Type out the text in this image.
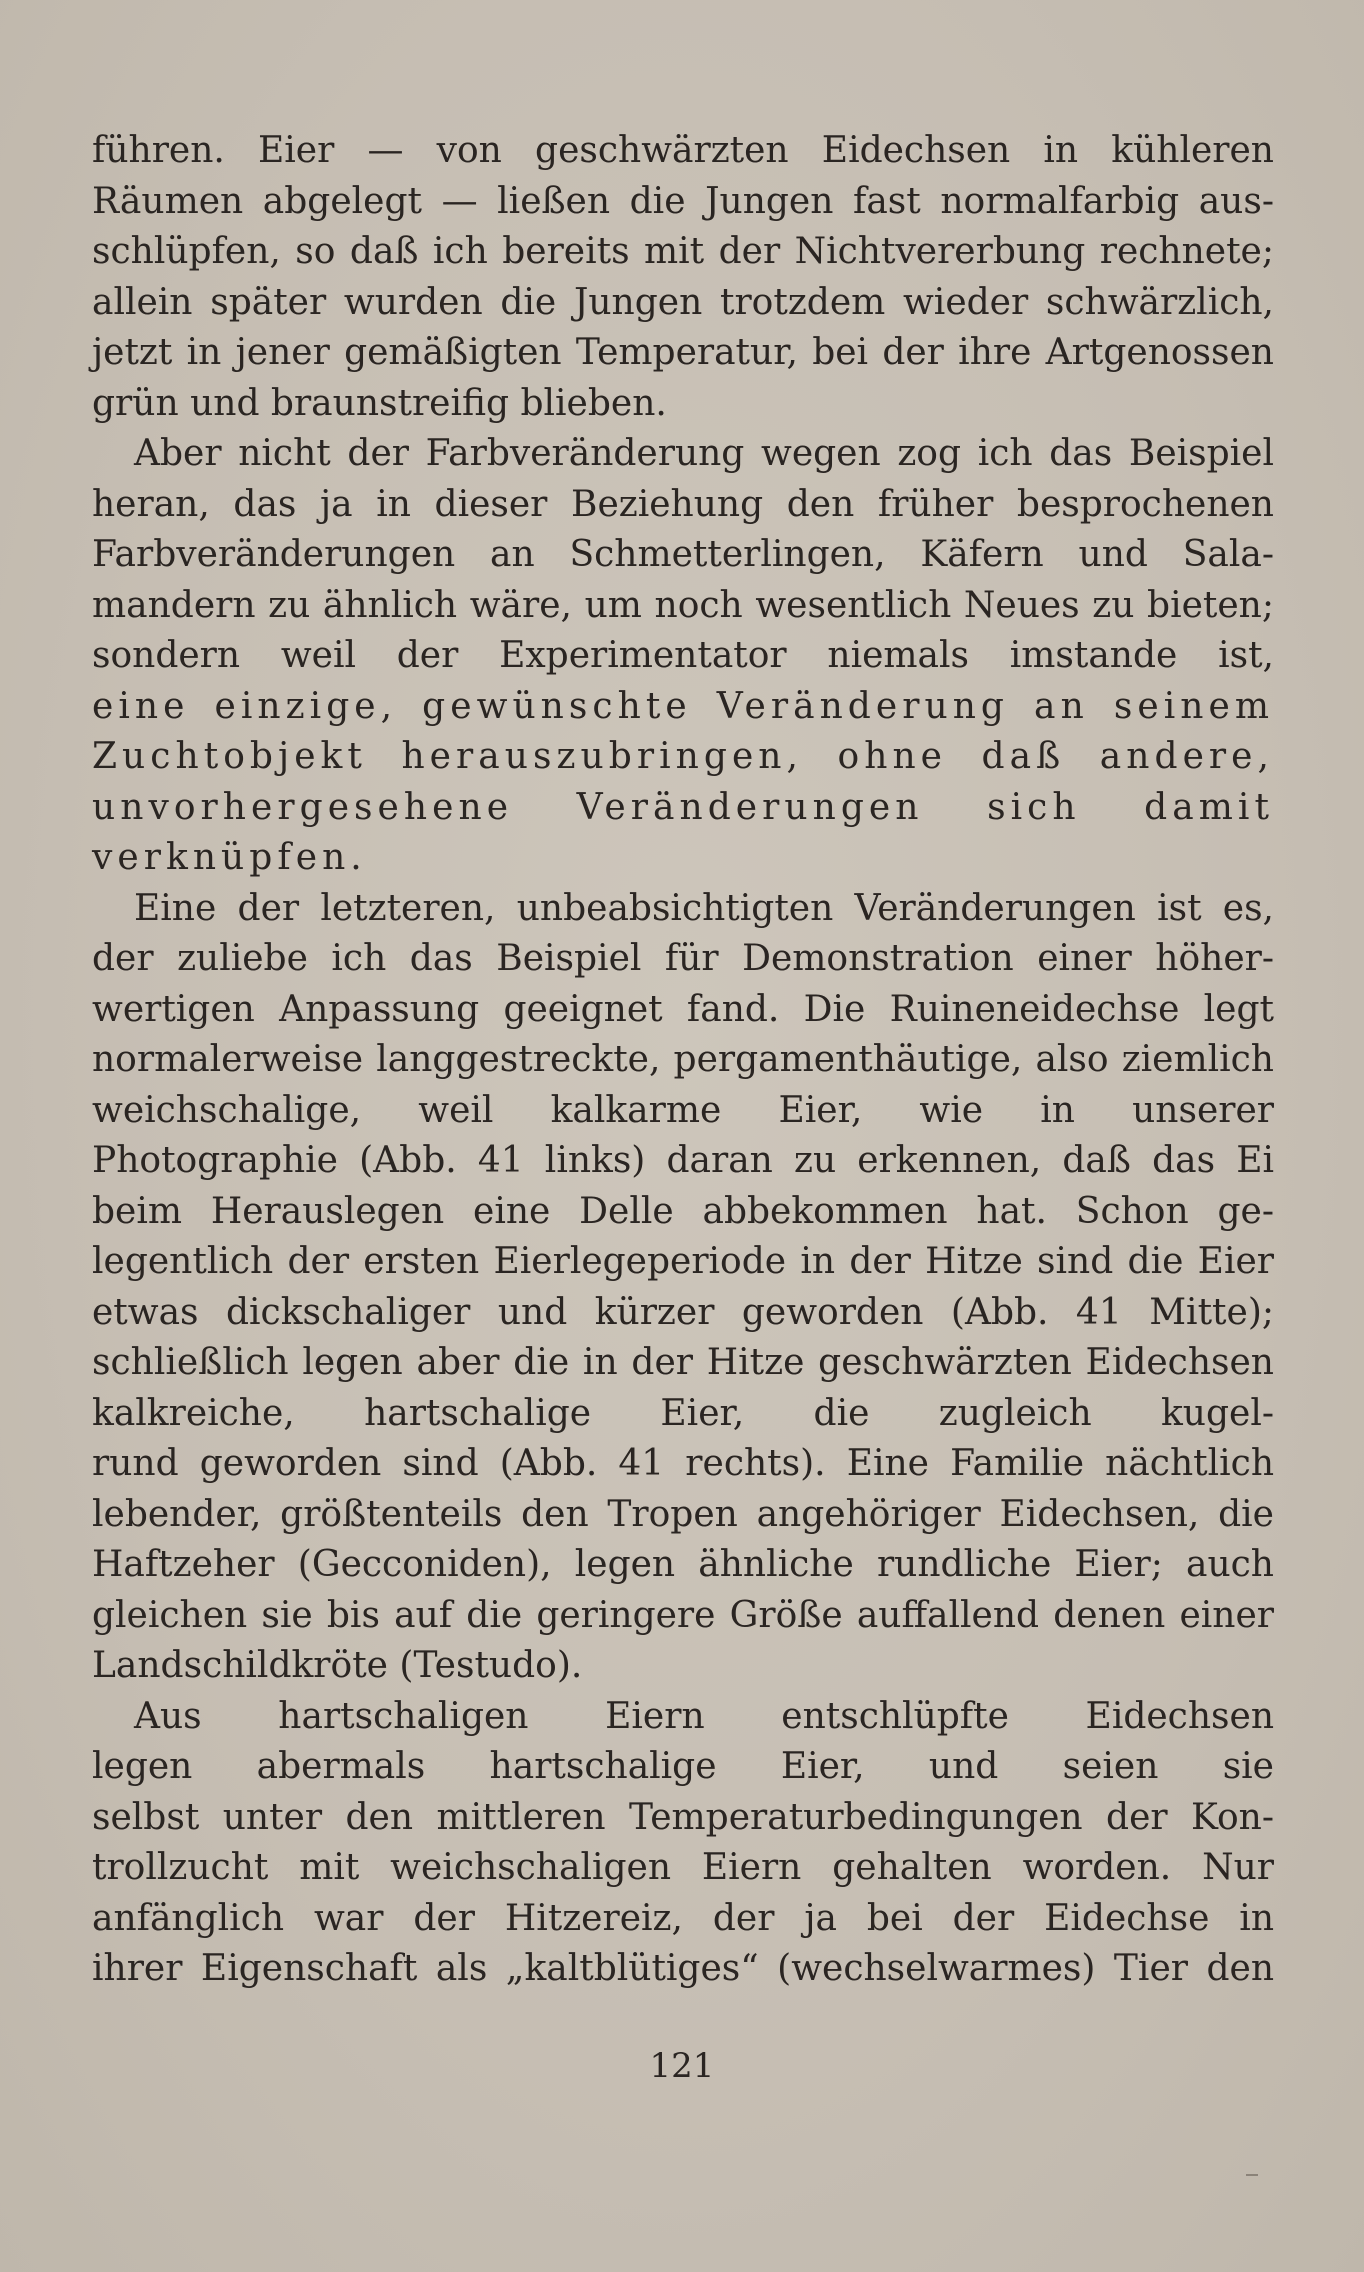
führen. Eier — von geschwärzten Eidechsen in kühleren
Räumen abgelegt — ließen die Jungen fast normalfarbig aus-
schlüpfen, so daß ich bereits mit der Nichtvererbung rechnete;
allein später wurden die Jungen trotzdem wieder schwärzlich,
jetzt in jener gemäßigten Temperatur, bei der ihre Artgenossen
grün und braunstreifig blieben.
Aber nicht der Farbveränderung wegen zog ich das Beispiel
heran, das ja in dieser Beziehung den früher besprochenen
Farbveränderungen an Schmetterlingen, Käfern und Sala-
mandern zu ähnlich wäre, um noch wesentlich Neues zu bieten;
sondern weil der Experimentator niemals imstande ist,
eine einzige, gewünschte Veränderung an seinem
Zuchtobjekt herauszubringen, ohne daß andere,
unvorhergesehene Veränderungen sich damit
verknüpfen.
Eine der letzteren, unbeabsichtigten Veränderungen ist es,
der zuliebe ich das Beispiel für Demonstration einer höher-
wertigen Anpassung geeignet fand. Die Ruineneidechse legt
normalerweise langgestreckte, pergamenthäutige, also ziemlich
weichschalige, weil kalkarme Eier, wie in unserer
Photographie (Abb. 41 links) daran zu erkennen, daß das Ei
beim Herauslegen eine Delle abbekommen hat. Schon ge-
legentlich der ersten Eierlegeperiode in der Hitze sind die Eier
etwas dickschaliger und kürzer geworden (Abb. 41 Mitte);
schließlich legen aber die in der Hitze geschwärzten Eidechsen
kalkreiche, hartschalige Eier, die zugleich kugel-
rund geworden sind (Abb. 41 rechts). Eine Familie nächtlich
lebender, größtenteils den Tropen angehöriger Eidechsen, die
Haftzeher (Gecconiden), legen ähnliche rundliche Eier; auch
gleichen sie bis auf die geringere Größe auffallend denen einer
Landschildkröte (Testudo).
Aus hartschaligen Eiern entschlüpfte Eidechsen
legen abermals hartschalige Eier, und seien sie
selbst unter den mittleren Temperaturbedingungen der Kon-
trollzucht mit weichschaligen Eiern gehalten worden. Nur
anfänglich war der Hitzereiz, der ja bei der Eidechse in
ihrer Eigenschaft als „kaltblütiges“ (wechselwarmes) Tier den
121
